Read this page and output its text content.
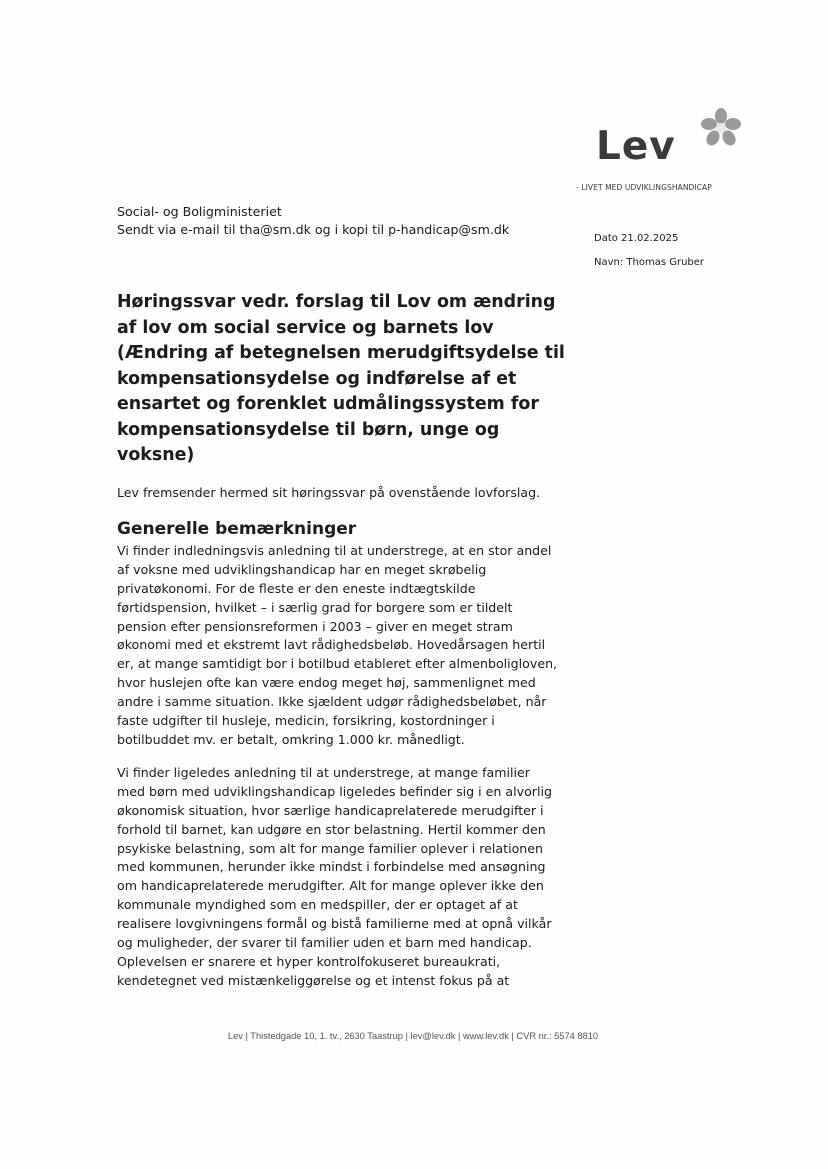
Lev
- LIVET MED UDVIKLINGSHANDICAP
Social- og Boligministeriet
Sendt via e-mail til tha@sm.dk og i kopi til p-handicap@sm.dk
Dato 21.02.2025
Navn: Thomas Gruber
Høringssvar vedr. forslag til Lov om ændring
af lov om social service og barnets lov
(Ændring af betegnelsen merudgiftsydelse til
kompensationsydelse og indførelse af et
ensartet og forenklet udmålingssystem for
kompensationsydelse til børn, unge og
voksne)

Lev fremsender hermed sit høringssvar på ovenstående lovforslag.

Generelle bemærkninger

Vi finder indledningsvis anledning til at understrege, at en stor andel
af voksne med udviklingshandicap har en meget skrøbelig
privatøkonomi. For de fleste er den eneste indtægtskilde
førtidspension, hvilket – i særlig grad for borgere som er tildelt
pension efter pensionsreformen i 2003 – giver en meget stram
økonomi med et ekstremt lavt rådighedsbeløb. Hovedårsagen hertil
er, at mange samtidigt bor i botilbud etableret efter almenboligloven,
hvor huslejen ofte kan være endog meget høj, sammenlignet med
andre i samme situation. Ikke sjældent udgør rådighedsbeløbet, når
faste udgifter til husleje, medicin, forsikring, kostordninger i
botilbuddet mv. er betalt, omkring 1.000 kr. månedligt.

Vi finder ligeledes anledning til at understrege, at mange familier
med børn med udviklingshandicap ligeledes befinder sig i en alvorlig
økonomisk situation, hvor særlige handicaprelaterede merudgifter i
forhold til barnet, kan udgøre en stor belastning. Hertil kommer den
psykiske belastning, som alt for mange familier oplever i relationen
med kommunen, herunder ikke mindst i forbindelse med ansøgning
om handicaprelaterede merudgifter. Alt for mange oplever ikke den
kommunale myndighed som en medspiller, der er optaget af at
realisere lovgivningens formål og bistå familierne med at opnå vilkår
og muligheder, der svarer til familier uden et barn med handicap.
Oplevelsen er snarere et hyper kontrolfokuseret bureaukrati,
kendetegnet ved mistænkeliggørelse og et intenst fokus på at

Lev | Thistedgade 10, 1. tv., 2630 Taastrup | lev@lev.dk | www.lev.dk | CVR nr.: 5574 8810
